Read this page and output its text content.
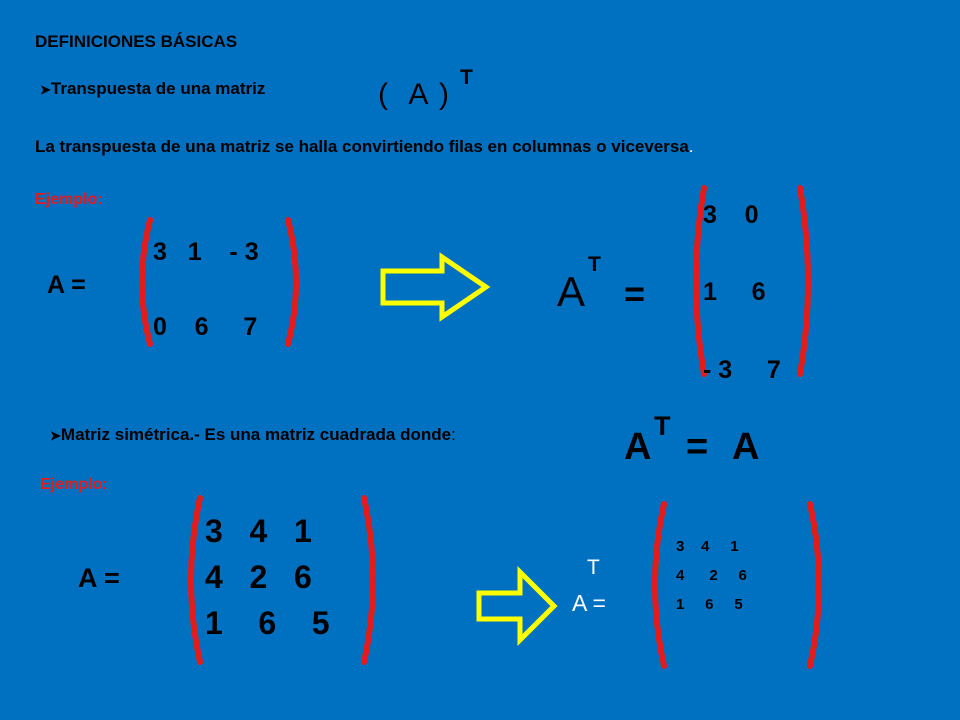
DEFINICIONES BÁSICAS
➤Transpuesta de una matriz	( A )
T
La transpuesta de una matriz se halla convirtiendo filas en columnas o viceversa.
Ejemplo:
A =
3   1    - 3
0    6     7
A
T
=
3    0
1     6
- 3     7
➤Matriz simétrica.- Es una matriz cuadrada donde:	A T = A
Ejemplo:
A =
3   4   1
4   2   6
1    6    5
T
A =
3    4     1
4      2     6
1     6     5
